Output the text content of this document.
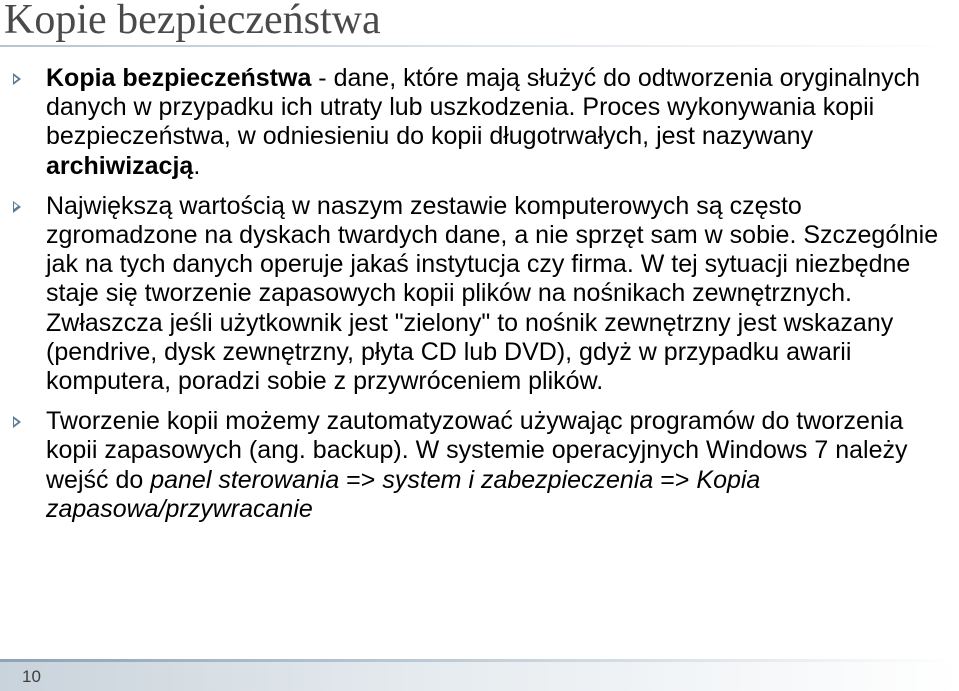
Kopie bezpieczeństwa
Kopia bezpieczeństwa - dane, które mają służyć do odtworzenia oryginalnych danych w przypadku ich utraty lub uszkodzenia. Proces wykonywania kopii bezpieczeństwa, w odniesieniu do kopii długotrwałych, jest nazywany archiwizacją.
Największą wartością w naszym zestawie komputerowych są często zgromadzone na dyskach twardych dane, a nie sprzęt sam w sobie. Szczególnie jak na tych danych operuje jakaś instytucja czy firma. W tej sytuacji niezbędne staje się tworzenie zapasowych kopii plików na nośnikach zewnętrznych. Zwłaszcza jeśli użytkownik jest "zielony" to nośnik zewnętrzny jest wskazany (pendrive, dysk zewnętrzny, płyta CD lub DVD), gdyż w przypadku awarii komputera, poradzi sobie z przywróceniem plików.
Tworzenie kopii możemy zautomatyzować używając programów do tworzenia kopii zapasowych (ang. backup). W systemie operacyjnych Windows 7 należy wejść do panel sterowania => system i zabezpieczenia => Kopia zapasowa/przywracanie
10
